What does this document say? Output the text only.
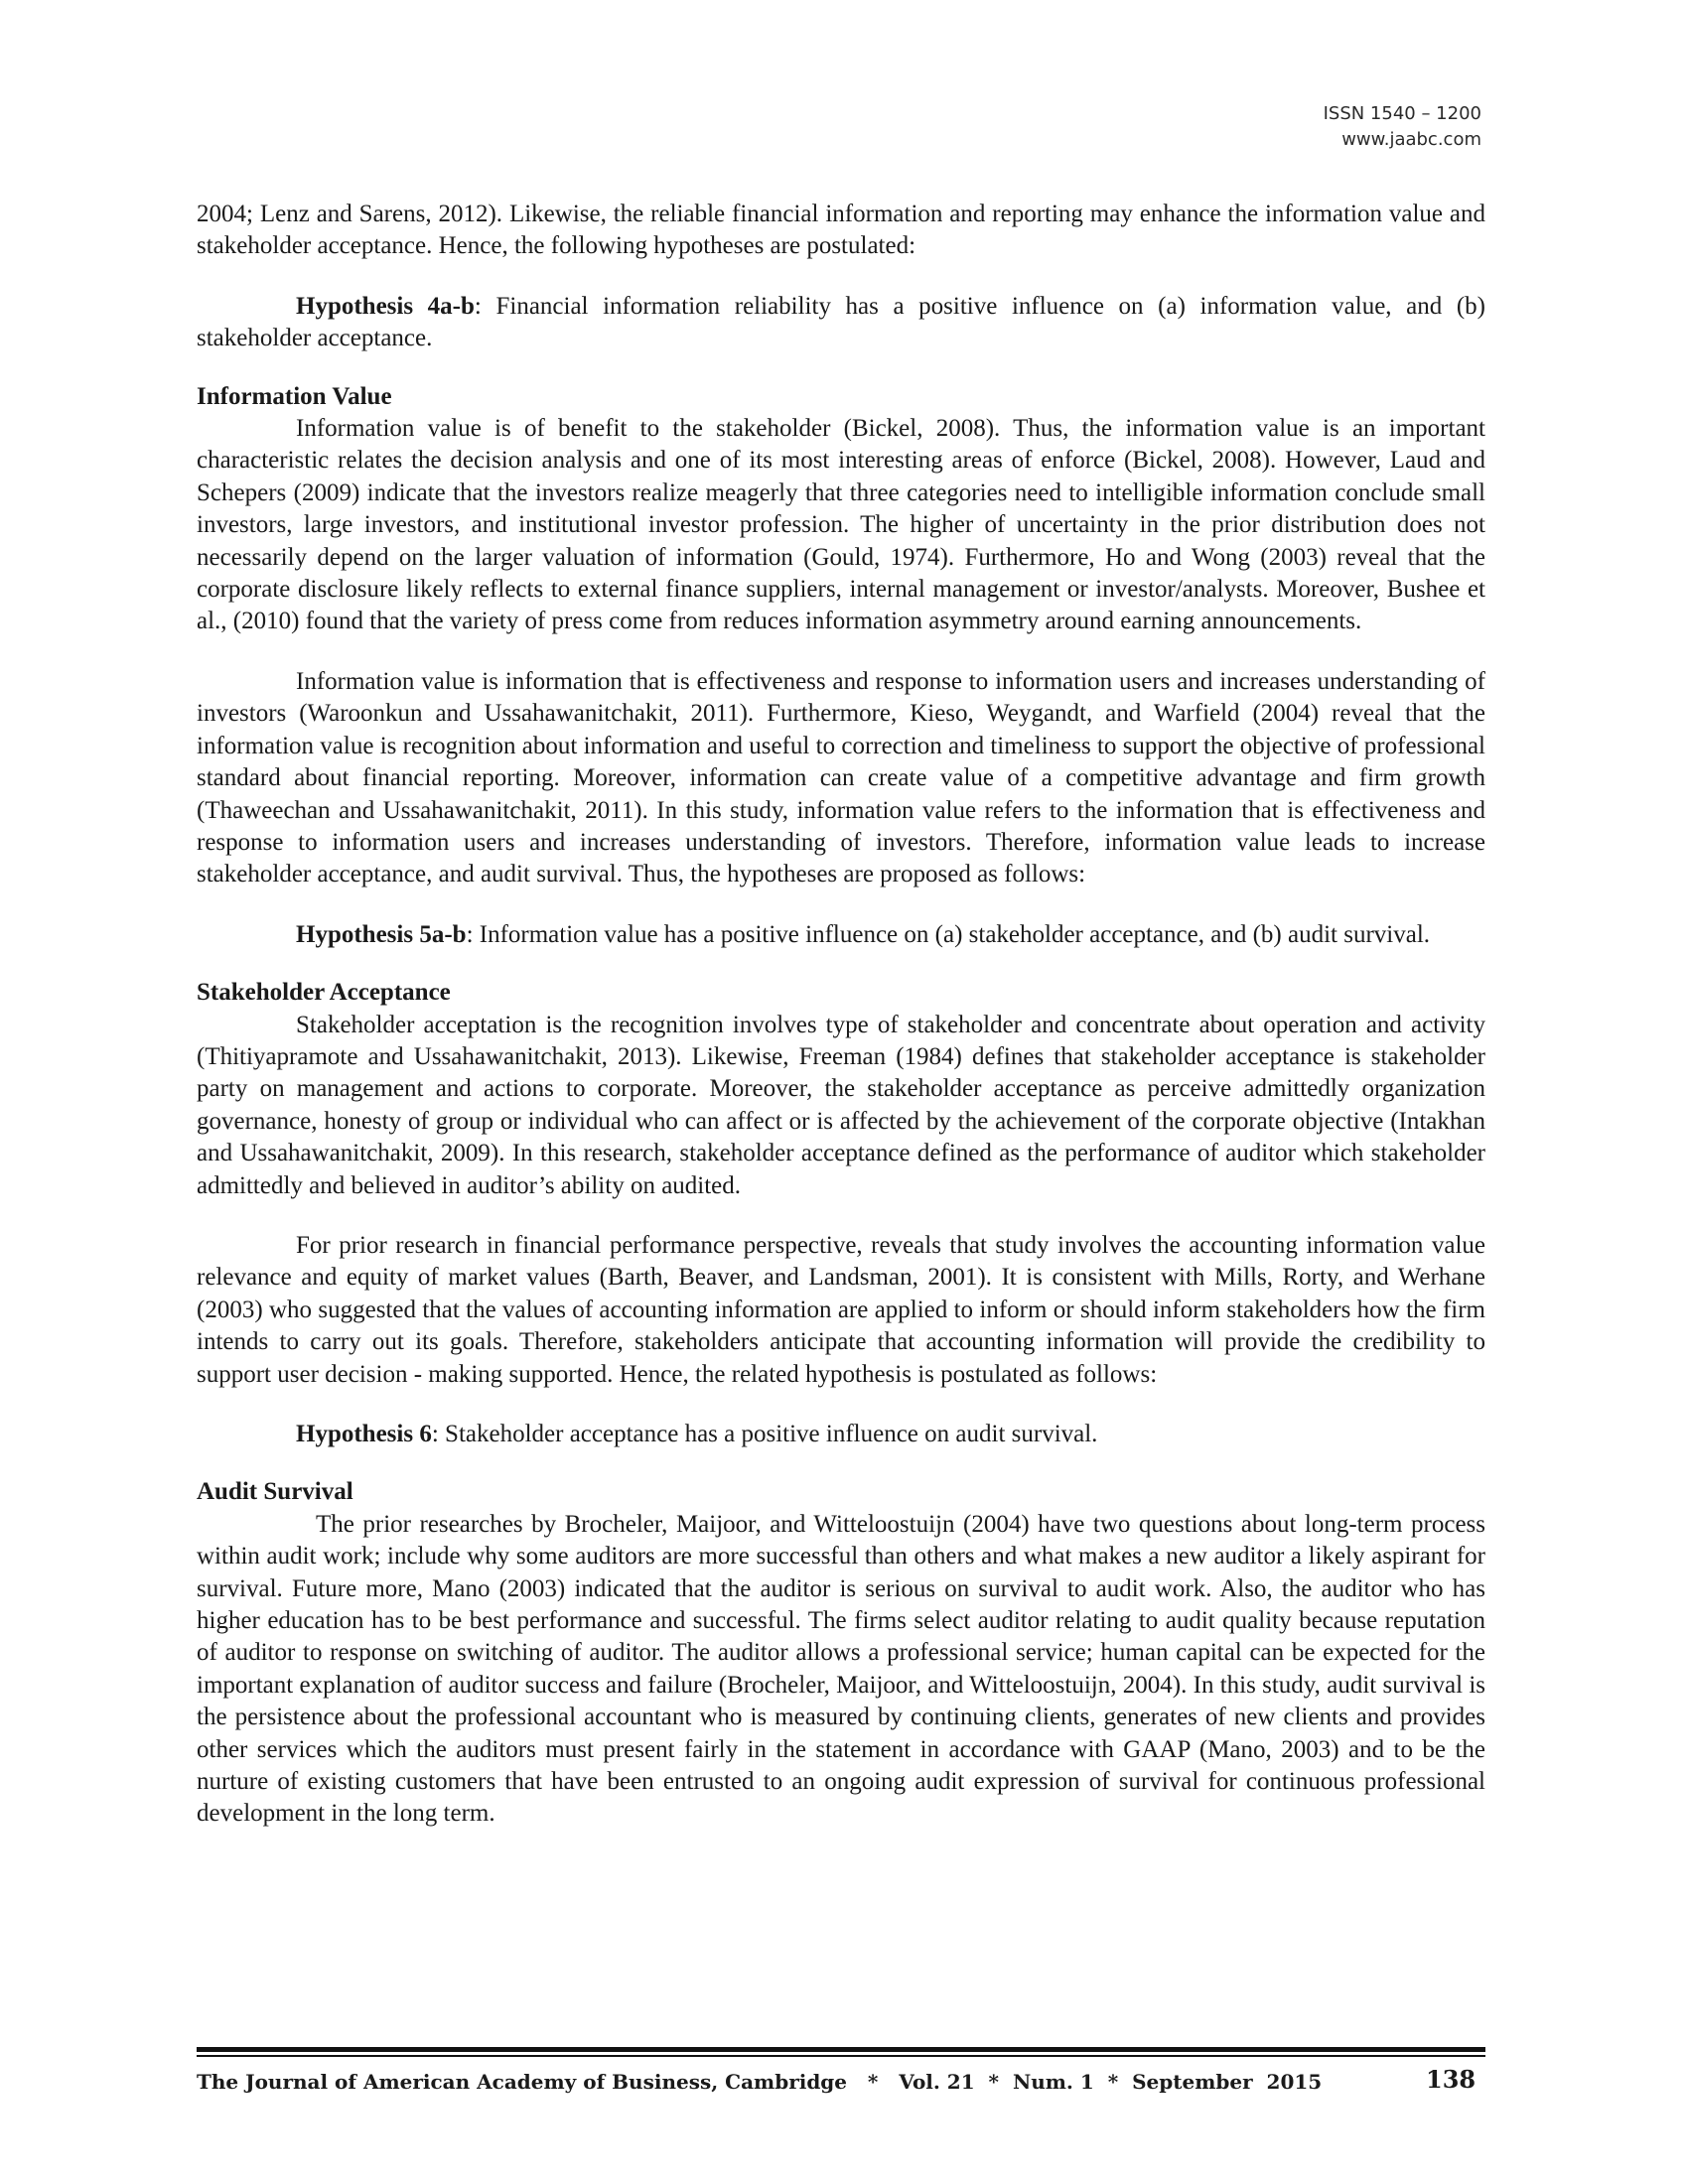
ISSN 1540 – 1200
www.jaabc.com

2004; Lenz and Sarens, 2012). Likewise, the reliable financial information and reporting may enhance the information value and stakeholder acceptance. Hence, the following hypotheses are postulated:

Hypothesis 4a-b: Financial information reliability has a positive influence on (a) information value, and (b) stakeholder acceptance.

Information Value

Information value is of benefit to the stakeholder (Bickel, 2008). Thus, the information value is an important characteristic relates the decision analysis and one of its most interesting areas of enforce (Bickel, 2008). However, Laud and Schepers (2009) indicate that the investors realize meagerly that three categories need to intelligible information conclude small investors, large investors, and institutional investor profession. The higher of uncertainty in the prior distribution does not necessarily depend on the larger valuation of information (Gould, 1974). Furthermore, Ho and Wong (2003) reveal that the corporate disclosure likely reflects to external finance suppliers, internal management or investor/analysts. Moreover, Bushee et al., (2010) found that the variety of press come from reduces information asymmetry around earning announcements.

Information value is information that is effectiveness and response to information users and increases understanding of investors (Waroonkun and Ussahawanitchakit, 2011). Furthermore, Kieso, Weygandt, and Warfield (2004) reveal that the information value is recognition about information and useful to correction and timeliness to support the objective of professional standard about financial reporting. Moreover, information can create value of a competitive advantage and firm growth (Thaweechan and Ussahawanitchakit, 2011). In this study, information value refers to the information that is effectiveness and response to information users and increases understanding of investors. Therefore, information value leads to increase stakeholder acceptance, and audit survival. Thus, the hypotheses are proposed as follows:

Hypothesis 5a-b: Information value has a positive influence on (a) stakeholder acceptance, and (b) audit survival.

Stakeholder Acceptance

Stakeholder acceptation is the recognition involves type of stakeholder and concentrate about operation and activity (Thitiyapramote and Ussahawanitchakit, 2013). Likewise, Freeman (1984) defines that stakeholder acceptance is stakeholder party on management and actions to corporate. Moreover, the stakeholder acceptance as perceive admittedly organization governance, honesty of group or individual who can affect or is affected by the achievement of the corporate objective (Intakhan and Ussahawanitchakit, 2009). In this research, stakeholder acceptance defined as the performance of auditor which stakeholder admittedly and believed in auditor’s ability on audited.

For prior research in financial performance perspective, reveals that study involves the accounting information value relevance and equity of market values (Barth, Beaver, and Landsman, 2001). It is consistent with Mills, Rorty, and Werhane (2003) who suggested that the values of accounting information are applied to inform or should inform stakeholders how the firm intends to carry out its goals. Therefore, stakeholders anticipate that accounting information will provide the credibility to support user decision - making supported. Hence, the related hypothesis is postulated as follows:

Hypothesis 6: Stakeholder acceptance has a positive influence on audit survival.

Audit Survival

The prior researches by Brocheler, Maijoor, and Witteloostuijn (2004) have two questions about long-term process within audit work; include why some auditors are more successful than others and what makes a new auditor a likely aspirant for survival. Future more, Mano (2003) indicated that the auditor is serious on survival to audit work. Also, the auditor who has higher education has to be best performance and successful. The firms select auditor relating to audit quality because reputation of auditor to response on switching of auditor. The auditor allows a professional service; human capital can be expected for the important explanation of auditor success and failure (Brocheler, Maijoor, and Witteloostuijn, 2004). In this study, audit survival is the persistence about the professional accountant who is measured by continuing clients, generates of new clients and provides other services which the auditors must present fairly in the statement in accordance with GAAP (Mano, 2003) and to be the nurture of existing customers that have been entrusted to an ongoing audit expression of survival for continuous professional development in the long term.

The Journal of American Academy of Business, Cambridge   *   Vol. 21  *  Num. 1  *  September  2015	138
